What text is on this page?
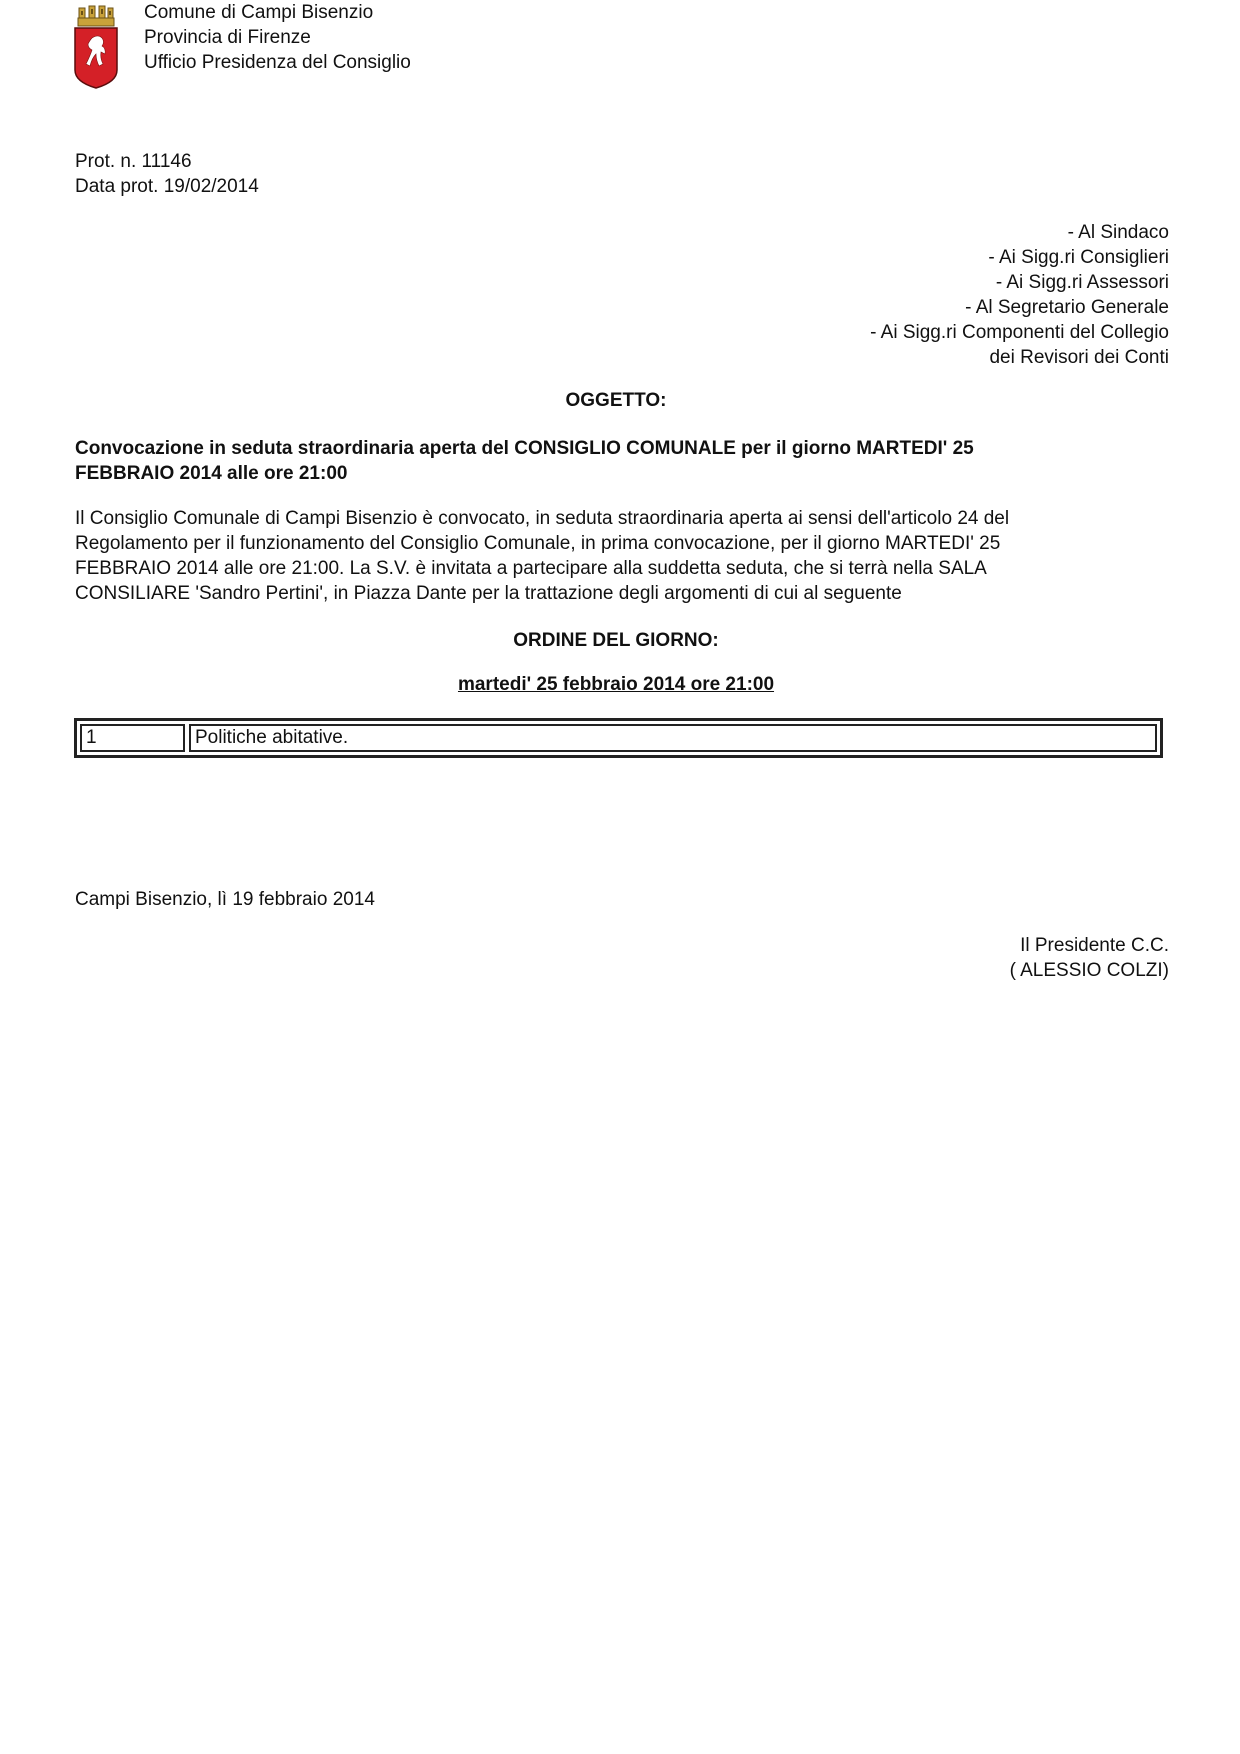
Comune di Campi Bisenzio
Provincia di Firenze
Ufficio Presidenza del Consiglio
Prot. n. 11146
Data prot. 19/02/2014
- Al Sindaco
- Ai Sigg.ri Consiglieri
- Ai Sigg.ri Assessori
- Al Segretario Generale
- Ai Sigg.ri Componenti del Collegio
dei Revisori dei Conti
OGGETTO:
Convocazione in seduta straordinaria aperta del CONSIGLIO COMUNALE per il giorno MARTEDI' 25
FEBBRAIO 2014 alle ore 21:00
Il Consiglio Comunale di Campi Bisenzio è convocato, in seduta straordinaria aperta ai sensi dell'articolo 24 del
Regolamento per il funzionamento del Consiglio Comunale, in prima convocazione, per il giorno MARTEDI' 25
FEBBRAIO 2014 alle ore 21:00. La S.V. è invitata a partecipare alla suddetta seduta, che si terrà nella SALA
CONSILIARE 'Sandro Pertini', in Piazza Dante per la trattazione degli argomenti di cui al seguente
ORDINE DEL GIORNO:
martedi' 25 febbraio 2014 ore 21:00
1	Politiche abitative.
Campi Bisenzio, lì 19 febbraio 2014
Il Presidente C.C.
( ALESSIO COLZI)
